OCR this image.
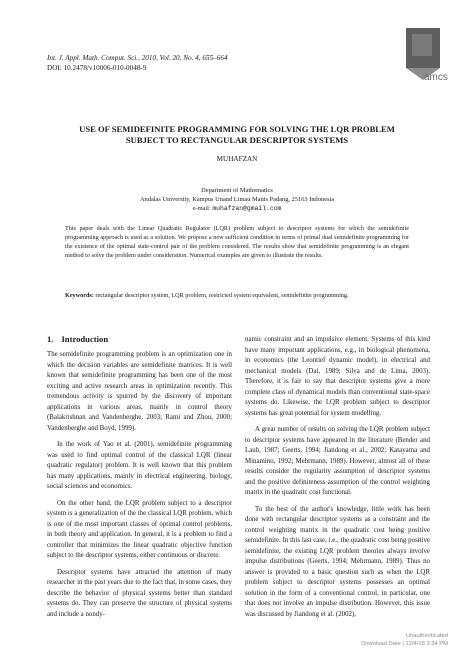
Int. J. Appl. Math. Comput. Sci., 2010, Vol. 20, No. 4, 655–664
DOI: 10.2478/v10006-010-0048-9
amcs
USE OF SEMIDEFINITE PROGRAMMING FOR SOLVING THE LQR PROBLEM SUBJECT TO RECTANGULAR DESCRIPTOR SYSTEMS
MUHAFZAN
Department of Mathematics
Andalas University, Kampus Unand Limau Manis Padang, 25163 Indonesia
e-mail: muhafzan@gmail.com
This paper deals with the Linear Quadratic Regulator (LQR) problem subject to descriptor systems for which the semidefinite programming approach is used as a solution. We propose a new sufficient condition in terms of primal dual semidefinite programming for the existence of the optimal state-control pair of the problem considered. The results show that semidefinite programming is an elegant method to solve the problem under consideration. Numerical examples are given to illustrate the results.
Keywords: rectangular descriptor system, LQR problem, restricted system equivalent, semidefinite programming.
1. Introduction

The semidefinite programming problem is an optimization one in which the decision variables are semidefinite matrices. It is well known that semidefinite programming has been one of the most exciting and active research areas in optimization recently. This tremendous activity is spurred by the discovery of important applications in various areas, mainly in control theory (Balakrishnan and Vandenberghe, 2003; Rami and Zhou, 2000; Vandenberghe and Boyd, 1999).

In the work of Yao et al. (2001), semidefinite programming was used to find optimal control of the classical LQR (linear quadratic regulator) problem. It is well known that this problem has many applications, mainly in electrical engineering, biology, social sciences and economics.

On the other hand, the LQR problem subject to a descriptor system is a generalization of the the classical LQR problem, which is one of the most important classes of optimal control problems, in both theory and application. In general, it is a problem to find a controller that minimizes the linear quadratic objective function subject to the descriptor systems, either continuous or discrete.

Descriptor systems have attracted the attention of many researcher in the past years due to the fact that, in some cases, they describe the behavior of physical systems better than standard systems do. They can preserve the structure of physical systems and include a nondy-

namic constraint and an impulsive element. Systems of this kind have many important applications, e.g., in biological phenomena, in economics (the Leontief dynamic model), in electrical and mechanical models (Dai, 1989; Silva and de Lima, 2003). Therefore, it is fair to say that descriptor systems give a more complete class of dynamical models than conventional state-space systems do. Likewise, the LQR problem subject to descriptor systems has great potential for system modelling.

A great number of results on solving the LQR problem subject to descriptor systems have appeared in the literature (Bender and Laub, 1987; Geerts, 1994; Jiandong et al., 2002; Katayama and Minamino, 1992; Mehrmann, 1989). However, almost all of these results consider the regularity assumption of descriptor systems and the positive definiteness assumption of the control weighting matrix in the quadratic cost functional.

To the best of the author's knowledge, little work has been done with rectangular descriptor systems as a constraint and the control weighting matrix in the quadratic cost being positive semidefinite. In this last case, i.e., the quadratic cost being positive semidefinite, the existing LQR problem theories always involve impulse distributions (Geerts, 1994; Mehrmann, 1989). Thus no answer is provided to a basic question such as when the LQR problem subject to descriptor systems possesses an optimal solution in the form of a conventional control, in particular, one that does not involve an impulse distribution. However, this issue was discussed by Jiandong et al. (2002),

Unauthenticated
Download Date | 12/4/18 3:34 PM
